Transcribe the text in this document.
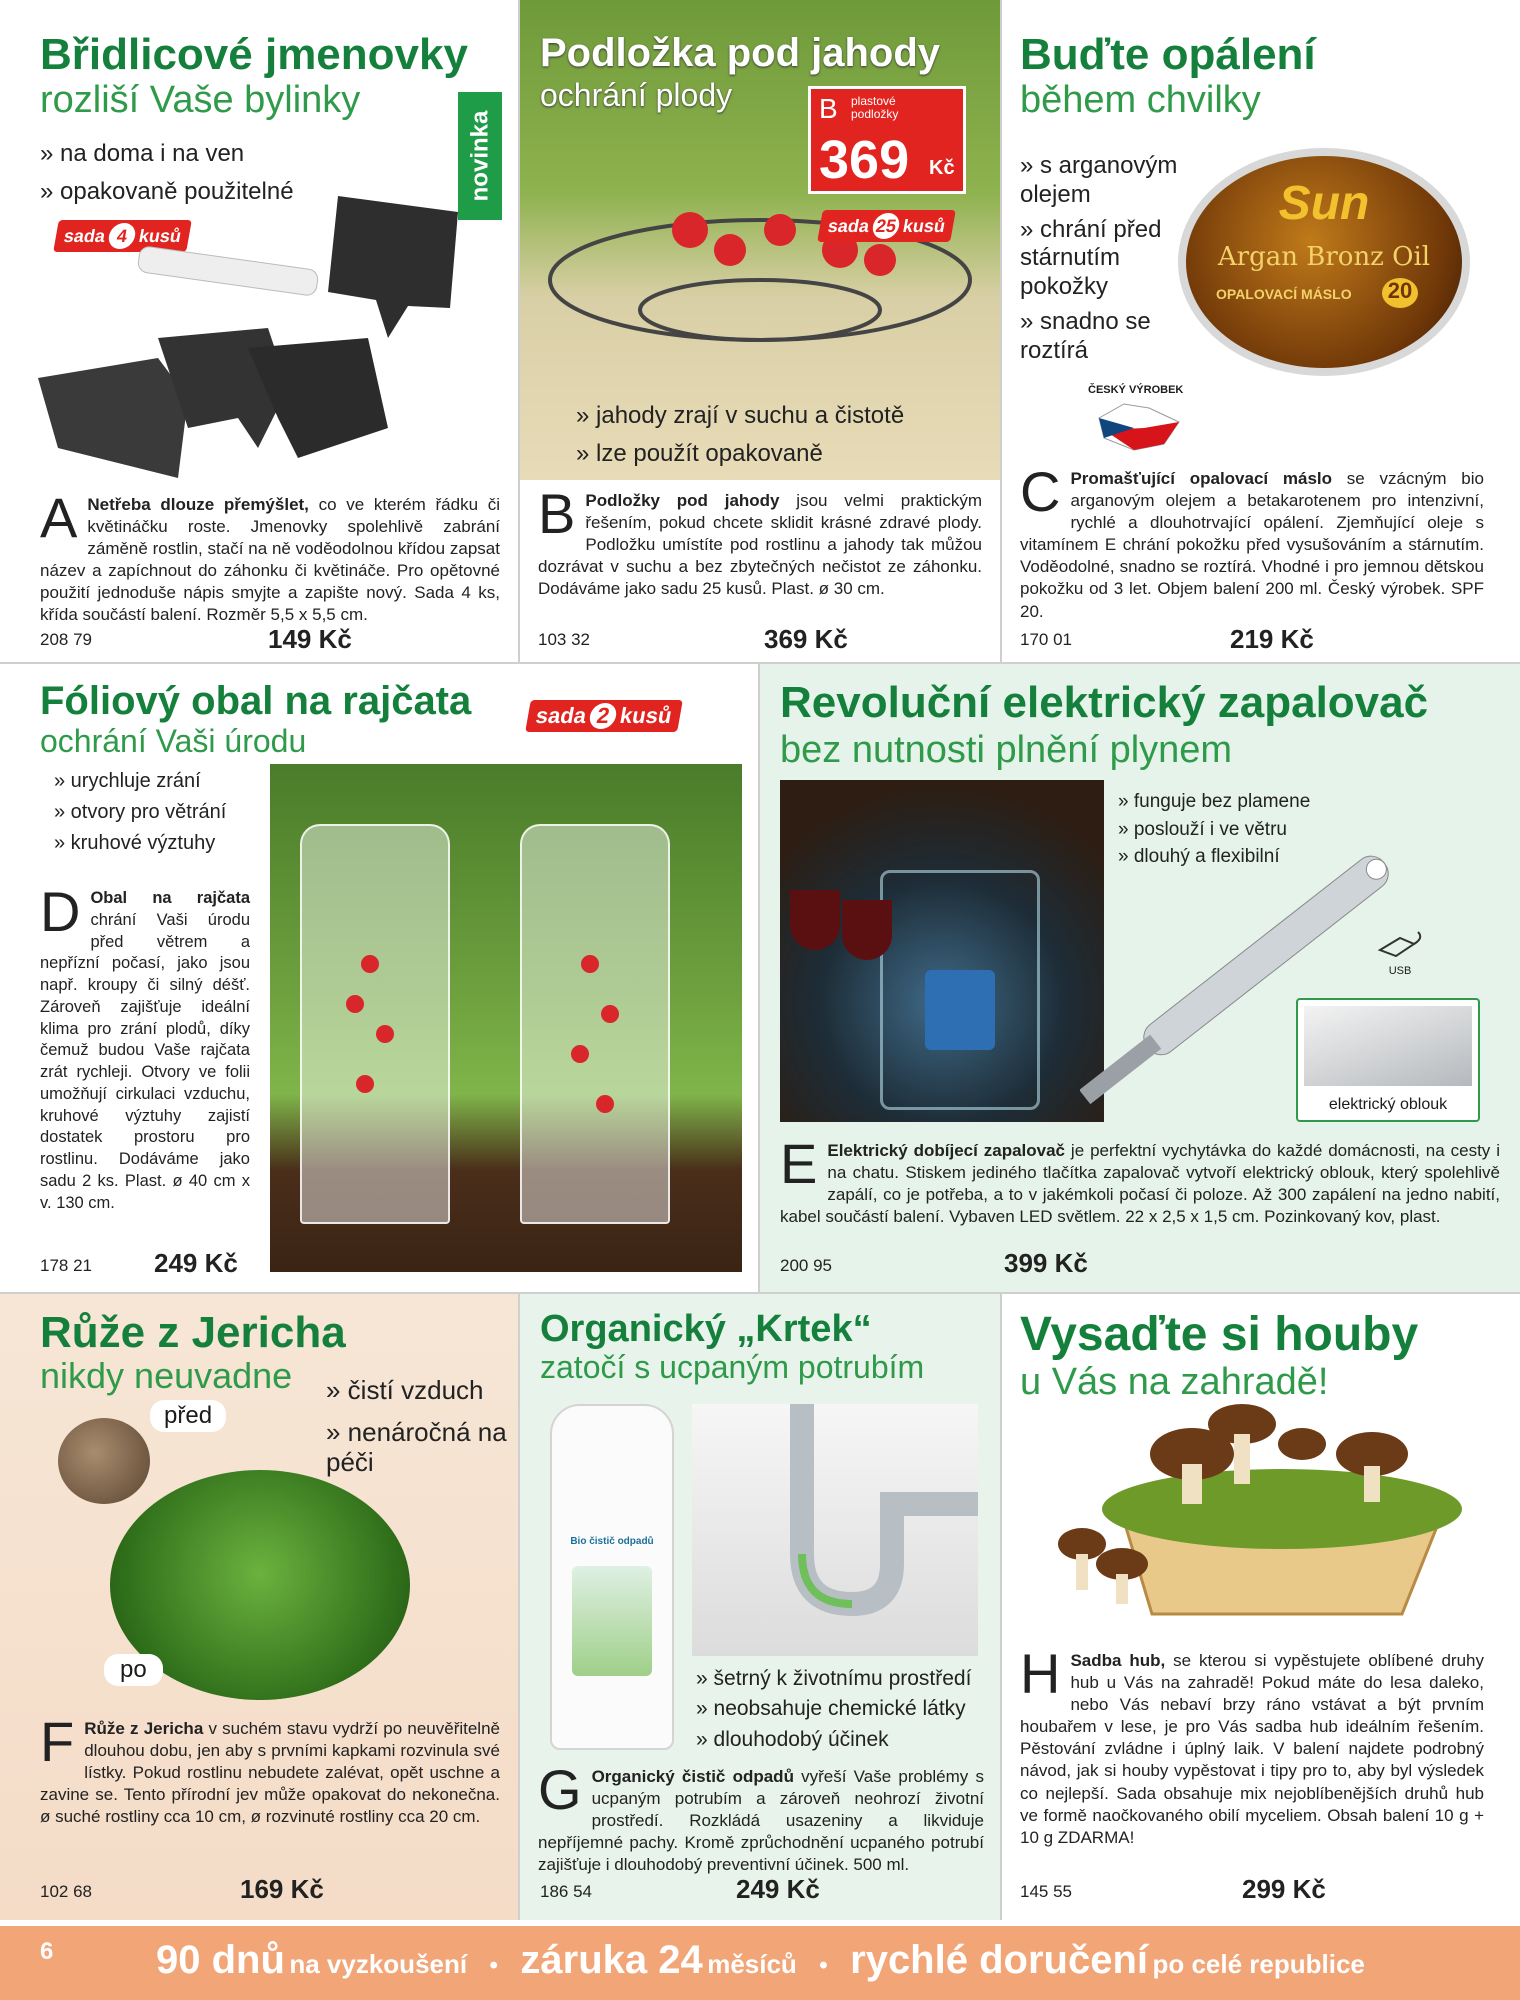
Břidlicové jmenovky
rozliší Vaše bylinky
novinka
» na doma i na ven
» opakovaně použitelné
sada 4 kusů
A Netřeba dlouze přemýšlet, co ve kterém řádku či květináčku roste. Jmenovky spolehlivě zabrání záměně rostlin, stačí na ně voděodolnou křídou zapsat název a zapíchnout do záhonku či květináče. Pro opětovné použití jednoduše nápis smyjte a zapište nový. Sada 4 ks, křída součástí balení. Rozměr 5,5 x 5,5 cm.

208 79	149 Kč
Podložka pod jahody
ochrání plody	B plastové podložky
369 Kč
sada 25 kusů
» jahody zrají v suchu a čistotě
» lze použít opakovaně
B Podložky pod jahody jsou velmi praktickým řešením, pokud chcete sklidit krásné zdravé plody. Podložku umístíte pod rostlinu a jahody tak můžou dozrávat v suchu a bez zbytečných nečistot ze záhonku. Dodáváme jako sadu 25 kusů. Plast. ø 30 cm.

103 32	369 Kč
Buďte opálení
během chvilky
» s arganovým olejem
» chrání před stárnutím pokožky
» snadno se roztírá
Sun
Argan Bronz Oil
OPALOVACÍ MÁSLO 20
ČESKÝ VÝROBEK
C Promašťující opalovací máslo se vzácným bio arganovým olejem a betakarotenem pro intenzivní, rychlé a dlouhotrvající opálení. Zjemňující oleje s vitamínem E chrání pokožku před vysušováním a stárnutím. Voděodolné, snadno se roztírá. Vhodné i pro jemnou dětskou pokožku od 3 let. Objem balení 200 ml. Český výrobek. SPF 20.

170 01	219 Kč
Fóliový obal na rajčata
ochrání Vaši úrodu
sada 2 kusů
» urychluje zrání
» otvory pro větrání
» kruhové výztuhy
D Obal na rajčata chrání Vaši úrodu před větrem a nepřízní počasí, jako jsou např. kroupy či silný déšť. Zároveň zajišťuje ideální klima pro zrání plodů, díky čemuž budou Vaše rajčata zrát rychleji. Otvory ve folii umožňují cirkulaci vzduchu, kruhové výztuhy zajistí dostatek prostoru pro rostlinu. Dodáváme jako sadu 2 ks. Plast. ø 40 cm x v. 130 cm.

178 21 249 Kč
Revoluční elektrický zapalovač
bez nutnosti plnění plynem
» funguje bez plamene
» poslouží i ve větru
» dlouhý a flexibilní
USB
elektrický oblouk
E Elektrický dobíjecí zapalovač je perfektní vychytávka do každé domácnosti, na cesty i na chatu. Stiskem jediného tlačítka zapalovač vytvoří elektrický oblouk, který spolehlivě zapálí, co je potřeba, a to v jakémkoli počasí či poloze. Až 300 zapálení na jedno nabití, kabel součástí balení. Vybaven LED světlem. 22 x 2,5 x 1,5 cm. Pozinkovaný kov, plast.

200 95	399 Kč
Růže z Jericha
nikdy neuvadne » čistí vzduch
» nenáročná na péči
před
po
F Růže z Jericha v suchém stavu vydrží po neuvěřitelně dlouhou dobu, jen aby s prvními kapkami rozvinula své lístky. Pokud rostlinu nebudete zalévat, opět uschne a zavine se. Tento přírodní jev může opakovat do nekonečna. ø suché rostliny cca 10 cm, ø rozvinuté rostliny cca 20 cm.

102 68	169 Kč
Organický „Krtek“
zatočí s ucpaným potrubím
Bio čistič odpadů
» šetrný k životnímu prostředí
» neobsahuje chemické látky
» dlouhodobý účinek
G Organický čistič odpadů vyřeší Vaše problémy s ucpaným potrubím a zároveň neohrozí životní prostředí. Rozkládá usazeniny a likviduje nepříjemné pachy. Kromě zprůchodnění ucpaného potrubí zajišťuje i dlouhodobý preventivní účinek. 500 ml.

186 54	249 Kč
Vysaďte si houby
u Vás na zahradě!
H Sadba hub, se kterou si vypěstujete oblíbené druhy hub u Vás na zahradě! Pokud máte do lesa daleko, nebo Vás nebaví brzy ráno vstávat a být prvním houbařem v lese, je pro Vás sadba hub ideálním řešením. Pěstování zvládne i úplný laik. V balení najdete podrobný návod, jak si houby vypěstovat i tipy pro to, aby byl výsledek co nejlepší. Sada obsahuje mix nejoblíbenějších druhů hub ve formě naočkovaného obilí myceliem. Obsah balení 10 g + 10 g ZDARMA!

145 55	299 Kč
6	90 dnů na vyzkoušení • záruka 24 měsíců • rychlé doručení po celé republice
